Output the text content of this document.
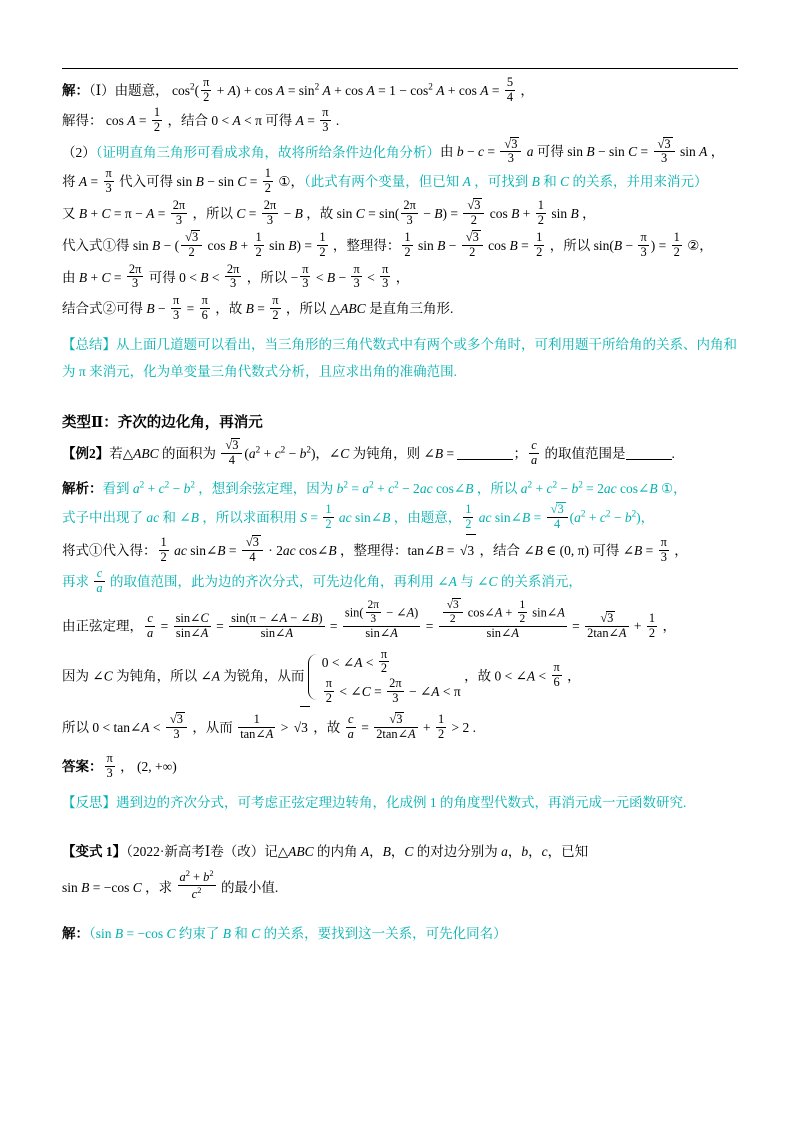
解：（Ⅰ）由题意， $\cos^2( \frac{\pi}{2} + A) + \cos A = \sin^2 A + \cos A = 1 - \cos^2 A + \cos A = \frac{5}{4}$ ，
解得： $\cos A = \frac{1}{2}$ ，结合 0 < A < π 可得 $A = \frac{\pi}{3}$ .
（2）（证明直角三角形可看成求角，故将所给条件边化角分析）由 b − c = √ $\frac{3}{3}$ a 可得 sin B − sin C = √ $\frac{3}{3}$ sin A ，
将 $A = \frac{\pi}{3}$ 代入可得 $\sin B - \sin C = \frac{1}{2}$ ①，（此式有两个变量，但已知 A ，可找到 B 和 C 的关系，并用来消元）
又 $B + C = \pi - A = \frac{2\pi}{3}$ ，所以 $C = \frac{2\pi}{3} - B$ ，故 $\sin C = \sin( \frac{2\pi}{3} - B)$ = √ $\frac{3}{2}$ $\cos B + \frac{1}{2}$ sin B ，
代入式①得 sin B − ( √ $\frac{3}{2}$ $\cos B + \frac{1}{2}$ $\sin B) = \frac{1}{2}$ ，整理得： $\frac{1}{2}$ sin B − √ $\frac{3}{2}$ $\cos B = \frac{1}{2}$ ，所以 $\sin(B - \frac{\pi}{3}$ ) = $\frac{1}{2}$ ②，
由 $B + C = \frac{2\pi}{3}$ 可得 $0 < B < \frac{2\pi}{3}$ ，所以 − $\frac{\pi}{3} < B - \frac{\pi}{3} < \frac{\pi}{3}$ ，
结合式②可得 $B - \frac{\pi}{3} = \frac{\pi}{6}$ ，故 $B = \frac{\pi}{2}$ ，所以 △ABC 是直角三角形.
【总结】从上面几道题可以看出，当三角形的三角代数式中有两个或多个角时，可利用题干所给角的关系、内角和为 π 来消元，化为单变量三角代数式分析，且应求出角的准确范围.
类型Ⅱ：齐次的边化角，再消元
【例2】若△ABC 的面积为 √ $\frac{3}{4} (a^2 + c^2 - b^2)$，∠C 为钝角，则 ∠B =	； $\frac{c}{a}$ 的取值范围是	.
解析：看到 $a^2 + c^2 - b^2$ ，想到余弦定理，因为 $b^2 = a^2 + c^2 - 2ac$ cos∠B ，所以 $a^2 + c^2 - b^2 = 2ac$ cos∠B ①，
式子中出现了 ac 和 ∠B ，所以求面积用 $S = \frac{1}{2}$ ac sin∠B ，由题意， $\frac{1}{2}$ ac sin∠B = √ $\frac{3}{4} (a^2 + c^2 - b^2)$，
将式①代入得： $\frac{1}{2}$ ac sin∠B = √ $\frac{3}{4} \cdot 2ac$ cos∠B ，整理得：tan∠B = √ 3 ，结合 ∠B ∈ (0, π) 可得 ∠B = $\frac{\pi}{3}$ ，
再求 $\frac{c}{a}$ 的取值范围，此为边的齐次分式，可先边化角，再利用 ∠A 与 ∠C 的关系消元，
由正弦定理， $\frac{c}{a} = \frac{\sin\angle C}{\sin\angle A} = \frac{\sin(\pi - \angle A - \angle B)}{\sin\angle A} = \frac{\sin( \frac{2\pi}{3} - \angle A)}{\sin\angle A}$ = √ $\frac{\frac{3}{2} \cos\angle A + \frac{1}{2} \sin\angle A}{\sin\angle A}$ = √ $\frac{3}{2\tan\angle A} + \frac{1}{2}$ ，
因为 ∠C 为钝角，所以 ∠A 为锐角，从而
0 < ∠A < $\frac{\pi}{2}$
$\frac{\pi}{2}$ < ∠C = $\frac{2\pi}{3}$ − ∠A < π
，故 0 < ∠A < $\frac{\pi}{6}$ ，
所以 0 < tan∠A < √ $\frac{3}{3}$ ，从而 $\frac{1}{\tan\angle A}$ > √ 3 ，故 $\frac{c}{a}$ = √ $\frac{3}{2\tan\angle A} + \frac{1}{2} > 2$ .
答案： $\frac{\pi}{3}$ ， (2, +∞)
【反思】遇到边的齐次分式，可考虑正弦定理边转角，化成例 1 的角度型代数式，再消元成一元函数研究.
【变式 1】（2022·新高考Ⅰ卷（改）记△ABC 的内角 A，B，C 的对边分别为 a，b，c，已知
sin B = −cos C ，求 $\frac{a^2 + b^2}{c^2}$ 的最小值.
解：（sin B = −cos C 约束了 B 和 C 的关系，要找到这一关系，可先化同名）
